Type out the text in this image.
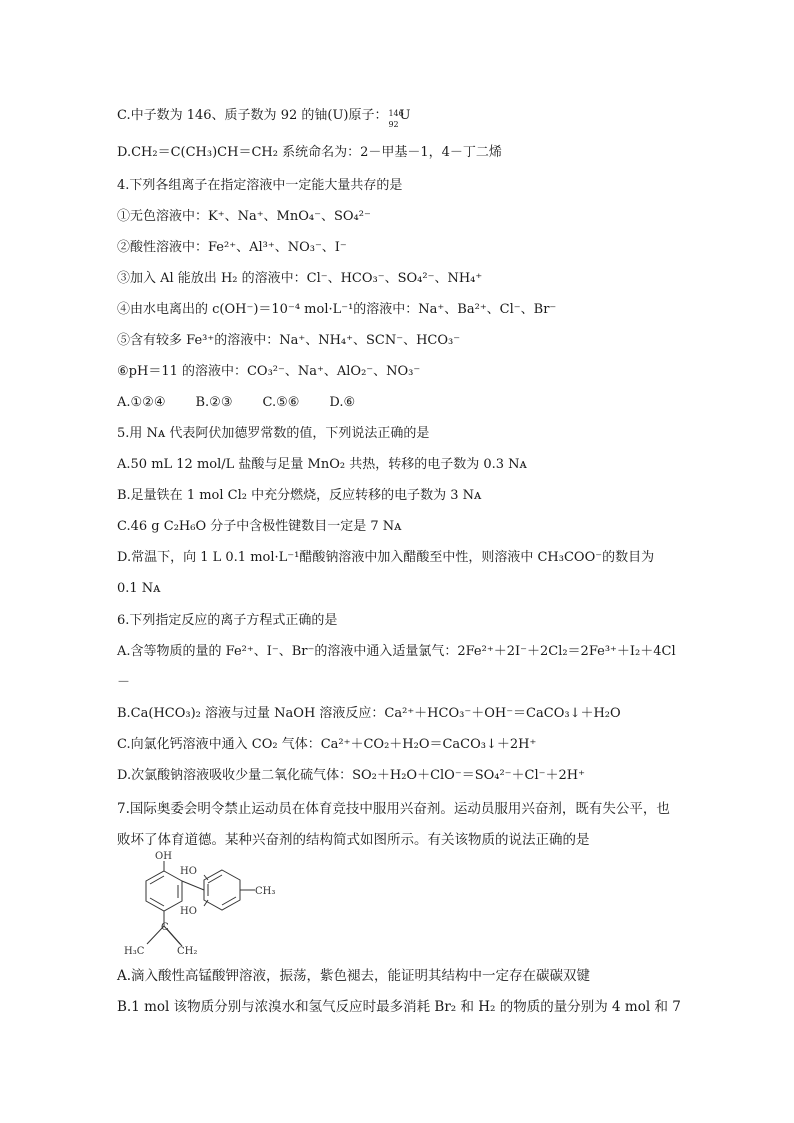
C.中子数为 146、质子数为 92 的铀(U)原子： 146
92
U
D.CH₂＝C(CH₃)CH＝CH₂ 系统命名为：2－甲基－1，4－丁二烯
4.下列各组离子在指定溶液中一定能大量共存的是
①无色溶液中：K⁺、Na⁺、MnO₄⁻、SO₄²⁻
②酸性溶液中：Fe²⁺、Al³⁺、NO₃⁻、I⁻
③加入 Al 能放出 H₂ 的溶液中：Cl⁻、HCO₃⁻、SO₄²⁻、NH₄⁺
④由水电离出的 c(OH⁻)＝10⁻⁴ mol·L⁻¹的溶液中：Na⁺、Ba²⁺、Cl⁻、Br⁻
⑤含有较多 Fe³⁺的溶液中：Na⁺、NH₄⁺、SCN⁻、HCO₃⁻
⑥pH＝11 的溶液中：CO₃²⁻、Na⁺、AlO₂⁻、NO₃⁻
A.①②④ B.②③ C.⑤⑥ D.⑥
5.用 Nᴀ 代表阿伏加德罗常数的值，下列说法正确的是
A.50 mL 12 mol/L 盐酸与足量 MnO₂ 共热，转移的电子数为 0.3 Nᴀ
B.足量铁在 1 mol Cl₂ 中充分燃烧，反应转移的电子数为 3 Nᴀ
C.46 g C₂H₆O 分子中含极性键数目一定是 7 Nᴀ
D.常温下，向 1 L 0.1 mol·L⁻¹醋酸钠溶液中加入醋酸至中性，则溶液中 CH₃COO⁻的数目为
0.1 Nᴀ
6.下列指定反应的离子方程式正确的是
A.含等物质的量的 Fe²⁺、I⁻、Br⁻的溶液中通入适量氯气：2Fe²⁺＋2I⁻＋2Cl₂＝2Fe³⁺＋I₂＋4Cl
－
B.Ca(HCO₃)₂ 溶液与过量 NaOH 溶液反应：Ca²⁺＋HCO₃⁻＋OH⁻＝CaCO₃↓＋H₂O
C.向氯化钙溶液中通入 CO₂ 气体：Ca²⁺＋CO₂＋H₂O＝CaCO₃↓＋2H⁺
D.次氯酸钠溶液吸收少量二氧化硫气体：SO₂＋H₂O＋ClO⁻＝SO₄²⁻＋Cl⁻＋2H⁺
7.国际奥委会明令禁止运动员在体育竞技中服用兴奋剂。运动员服用兴奋剂，既有失公平，也
败坏了体育道德。某种兴奋剂的结构简式如图所示。有关该物质的说法正确的是
OH
HO
HO
CH₃
C
H₃C	CH₂
A.滴入酸性高锰酸钾溶液，振荡，紫色褪去，能证明其结构中一定存在碳碳双键
B.1 mol 该物质分别与浓溴水和氢气反应时最多消耗 Br₂ 和 H₂ 的物质的量分别为 4 mol 和 7
